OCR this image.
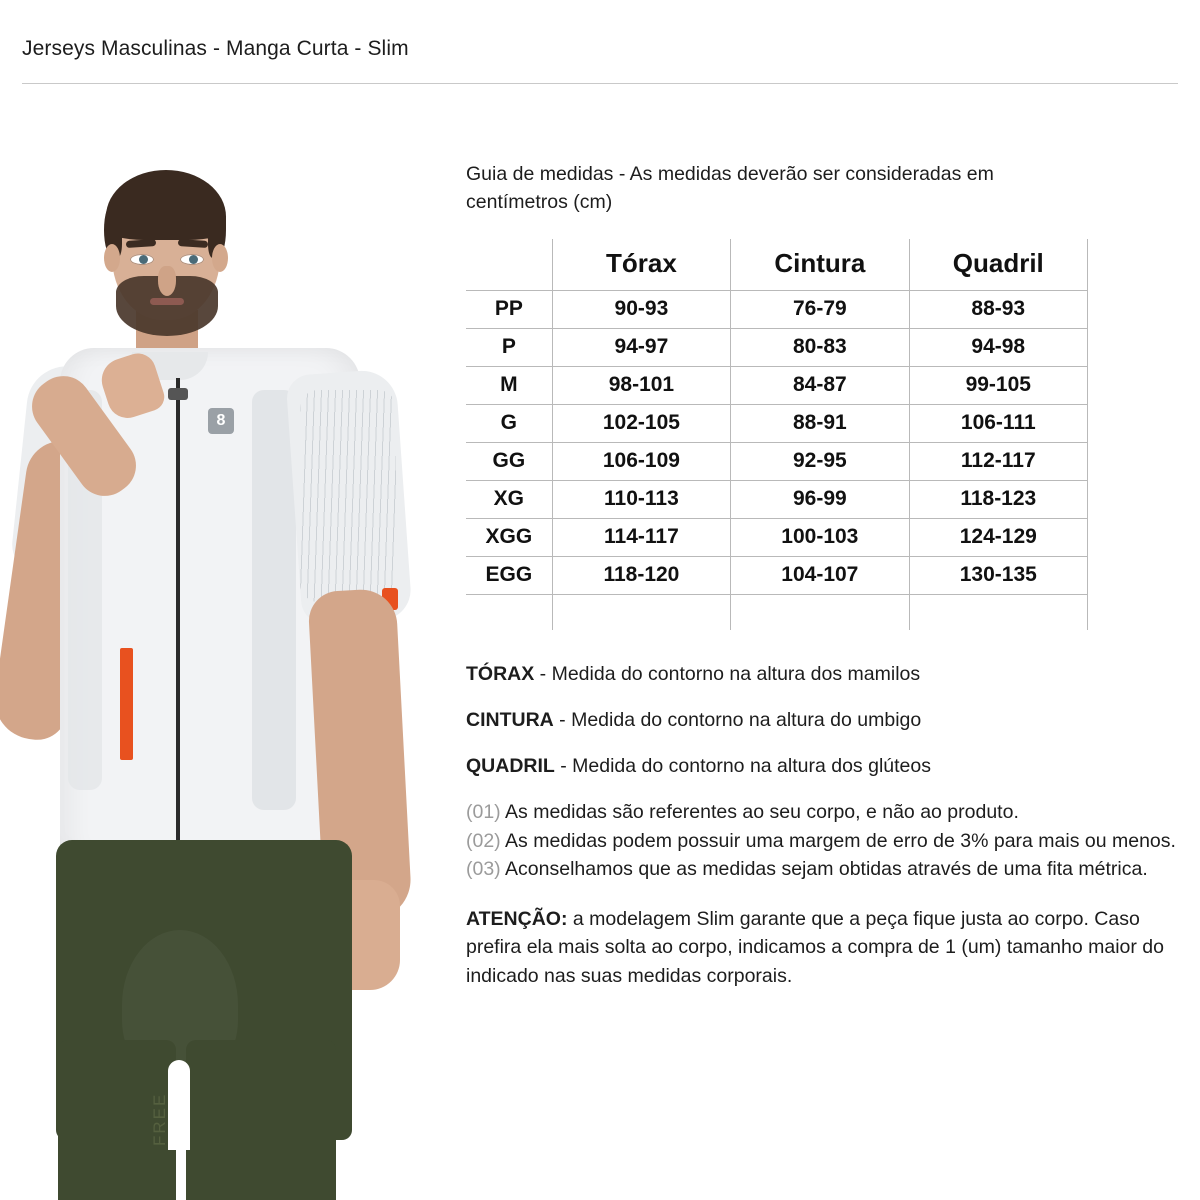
Jerseys Masculinas - Manga Curta - Slim
8
FREE
Guia de medidas - As medidas deverão ser consideradas em centímetros (cm)
	Tórax	Cintura	Quadril
PP	90-93	76-79	88-93
P	94-97	80-83	94-98
M	98-101	84-87	99-105
G	102-105	88-91	106-111
GG	106-109	92-95	112-117
XG	110-113	96-99	118-123
XGG	114-117	100-103	124-129
EGG	118-120	104-107	130-135

TÓRAX - Medida do contorno na altura dos mamilos
CINTURA - Medida do contorno na altura do umbigo
QUADRIL - Medida do contorno na altura dos glúteos
(01) As medidas são referentes ao seu corpo, e não ao produto.
(02) As medidas podem possuir uma margem de erro de 3% para mais ou menos.
(03) Aconselhamos que as medidas sejam obtidas através de uma fita métrica.
ATENÇÃO: a modelagem Slim garante que a peça fique justa ao corpo. Caso prefira ela mais solta ao corpo, indicamos a compra de 1 (um) tamanho maior do indicado nas suas medidas corporais.
